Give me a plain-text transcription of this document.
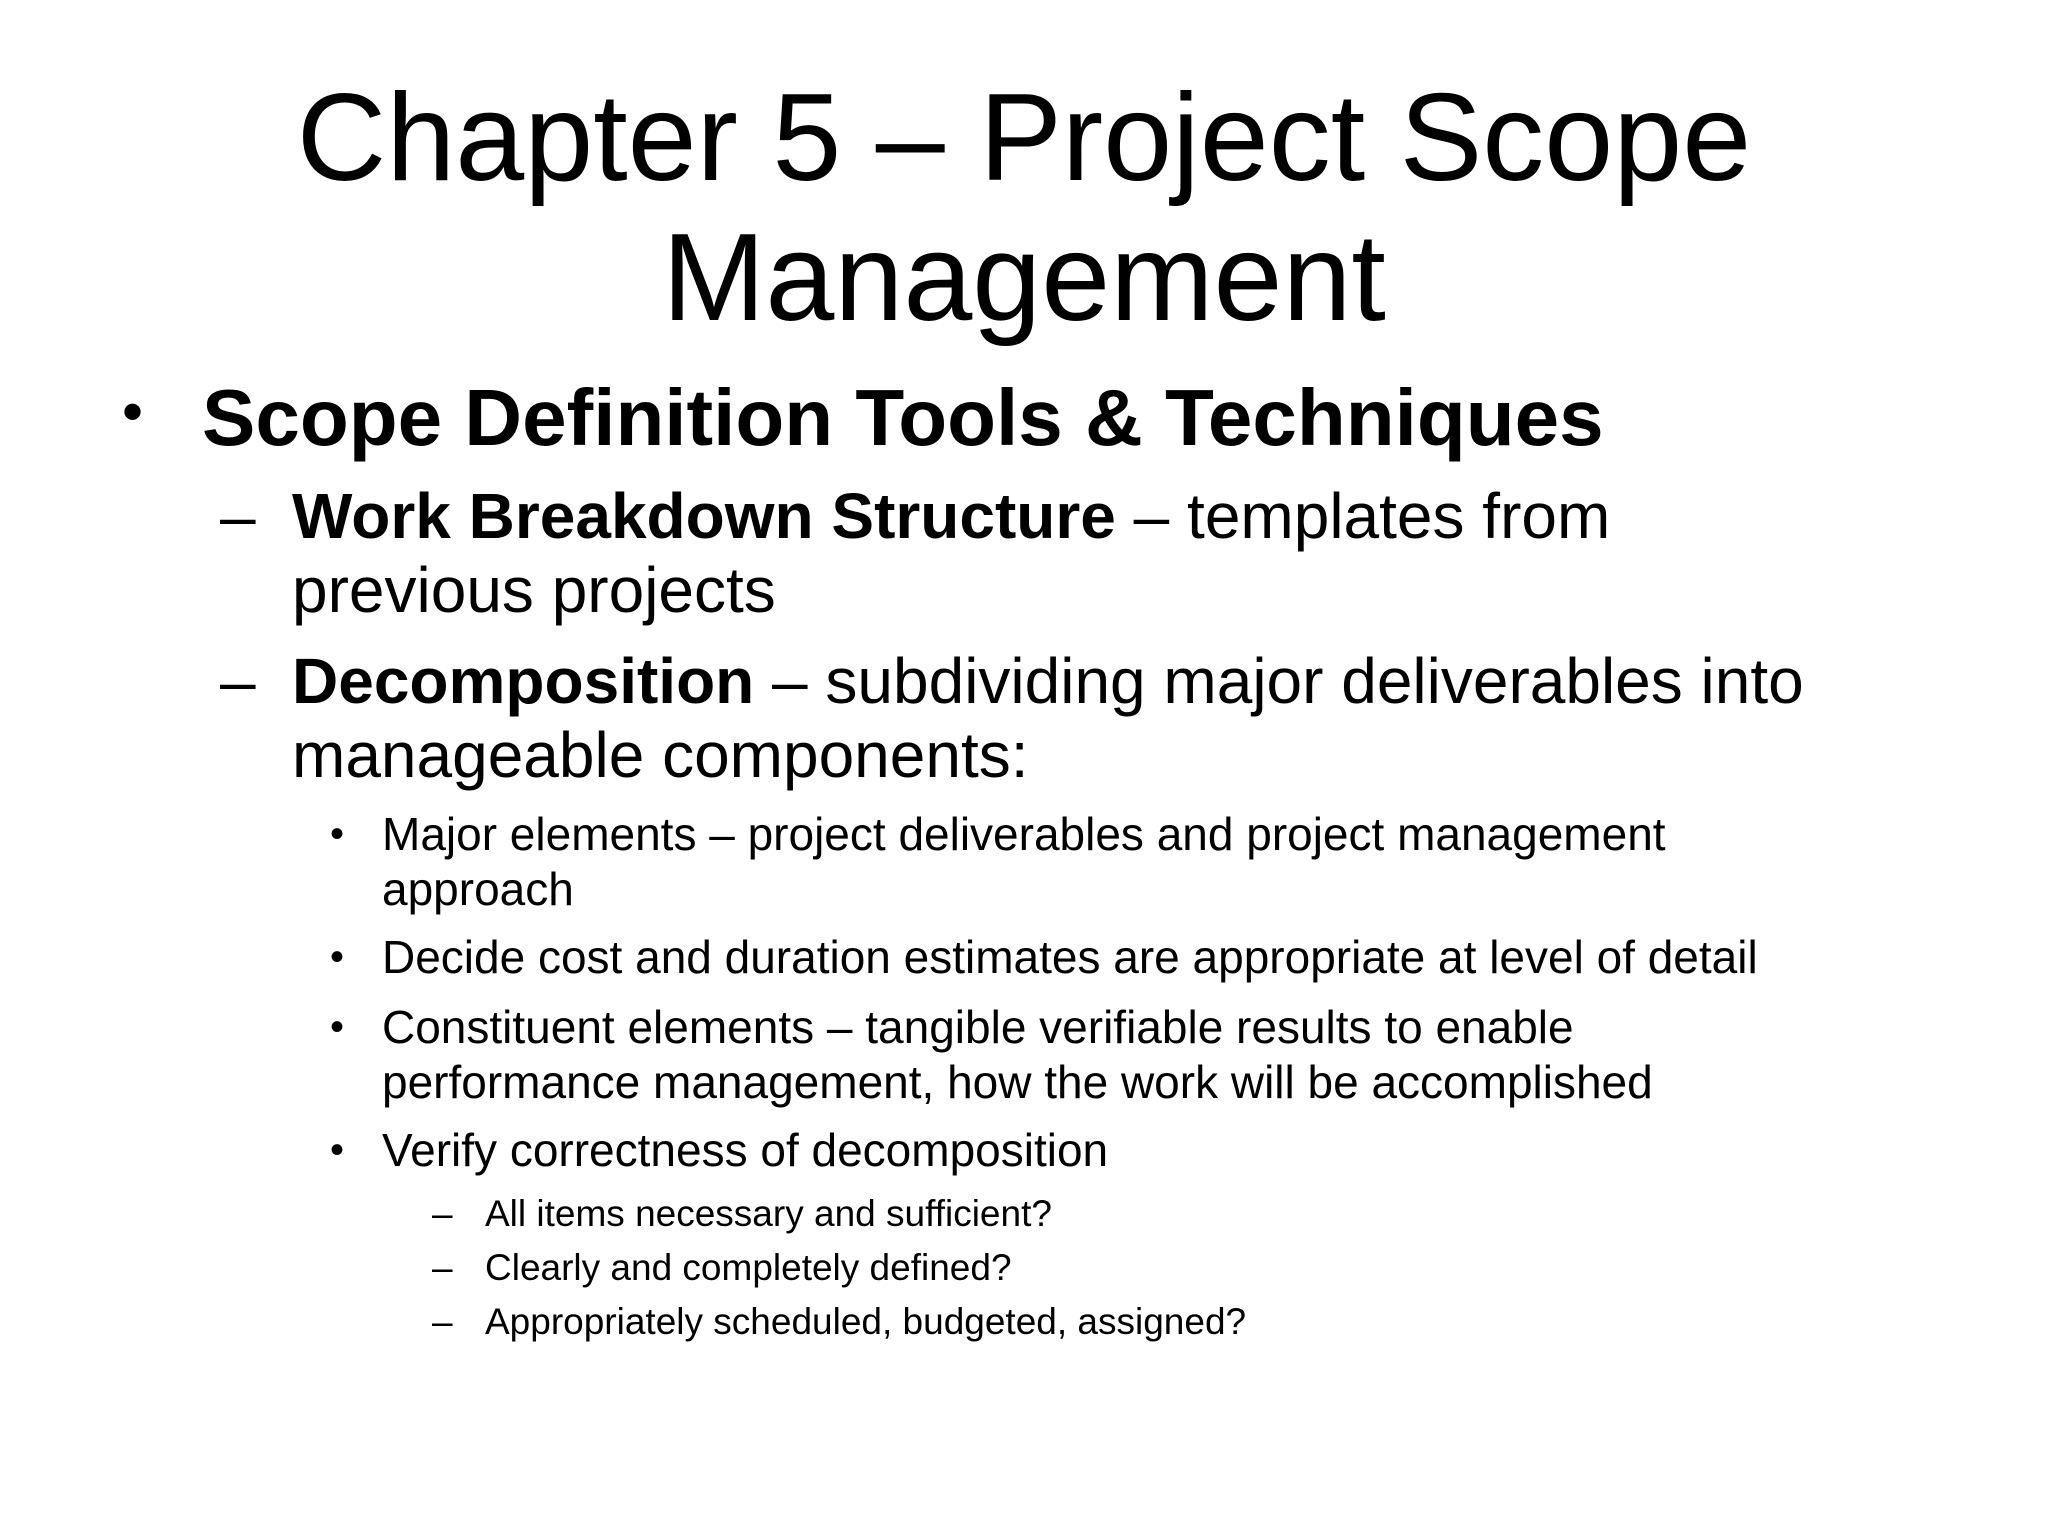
Chapter 5 – Project Scope
Management
• Scope Definition Tools & Techniques
– Work Breakdown Structure – templates from
previous projects
– Decomposition – subdividing major deliverables into
manageable components:
• Major elements – project deliverables and project management
approach
• Decide cost and duration estimates are appropriate at level of detail
• Constituent elements – tangible verifiable results to enable
performance management, how the work will be accomplished
• Verify correctness of decomposition
– All items necessary and sufficient?
– Clearly and completely defined?
– Appropriately scheduled, budgeted, assigned?
